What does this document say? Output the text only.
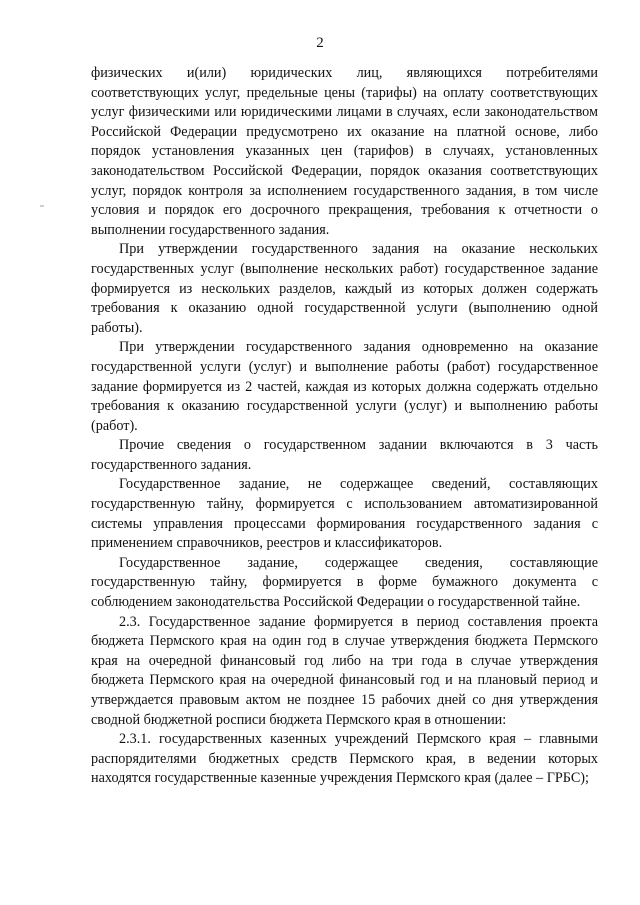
2

физических и(или) юридических лиц, являющихся потребителями соответствующих услуг, предельные цены (тарифы) на оплату соответствующих услуг физическими или юридическими лицами в случаях, если законодательством Российской Федерации предусмотрено их оказание на платной основе, либо порядок установления указанных цен (тарифов) в случаях, установленных законодательством Российской Федерации, порядок оказания соответствующих услуг, порядок контроля за исполнением государственного задания, в том числе условия и порядок его досрочного прекращения, требования к отчетности о выполнении государственного задания.

При утверждении государственного задания на оказание нескольких государственных услуг (выполнение нескольких работ) государственное задание формируется из нескольких разделов, каждый из которых должен содержать требования к оказанию одной государственной услуги (выполнению одной работы).

При утверждении государственного задания одновременно на оказание государственной услуги (услуг) и выполнение работы (работ) государственное задание формируется из 2 частей, каждая из которых должна содержать отдельно требования к оказанию государственной услуги (услуг) и выполнению работы (работ).

Прочие сведения о государственном задании включаются в 3 часть государственного задания.

Государственное задание, не содержащее сведений, составляющих государственную тайну, формируется с использованием автоматизированной системы управления процессами формирования государственного задания с применением справочников, реестров и классификаторов.

Государственное задание, содержащее сведения, составляющие государственную тайну, формируется в форме бумажного документа с соблюдением законодательства Российской Федерации о государственной тайне.

2.3. Государственное задание формируется в период составления проекта бюджета Пермского края на один год в случае утверждения бюджета Пермского края на очередной финансовый год либо на три года в случае утверждения бюджета Пермского края на очередной финансовый год и на плановый период и утверждается правовым актом не позднее 15 рабочих дней со дня утверждения сводной бюджетной росписи бюджета Пермского края в отношении:

2.3.1. государственных казенных учреждений Пермского края – главными распорядителями бюджетных средств Пермского края, в ведении которых находятся государственные казенные учреждения Пермского края (далее – ГРБС);
